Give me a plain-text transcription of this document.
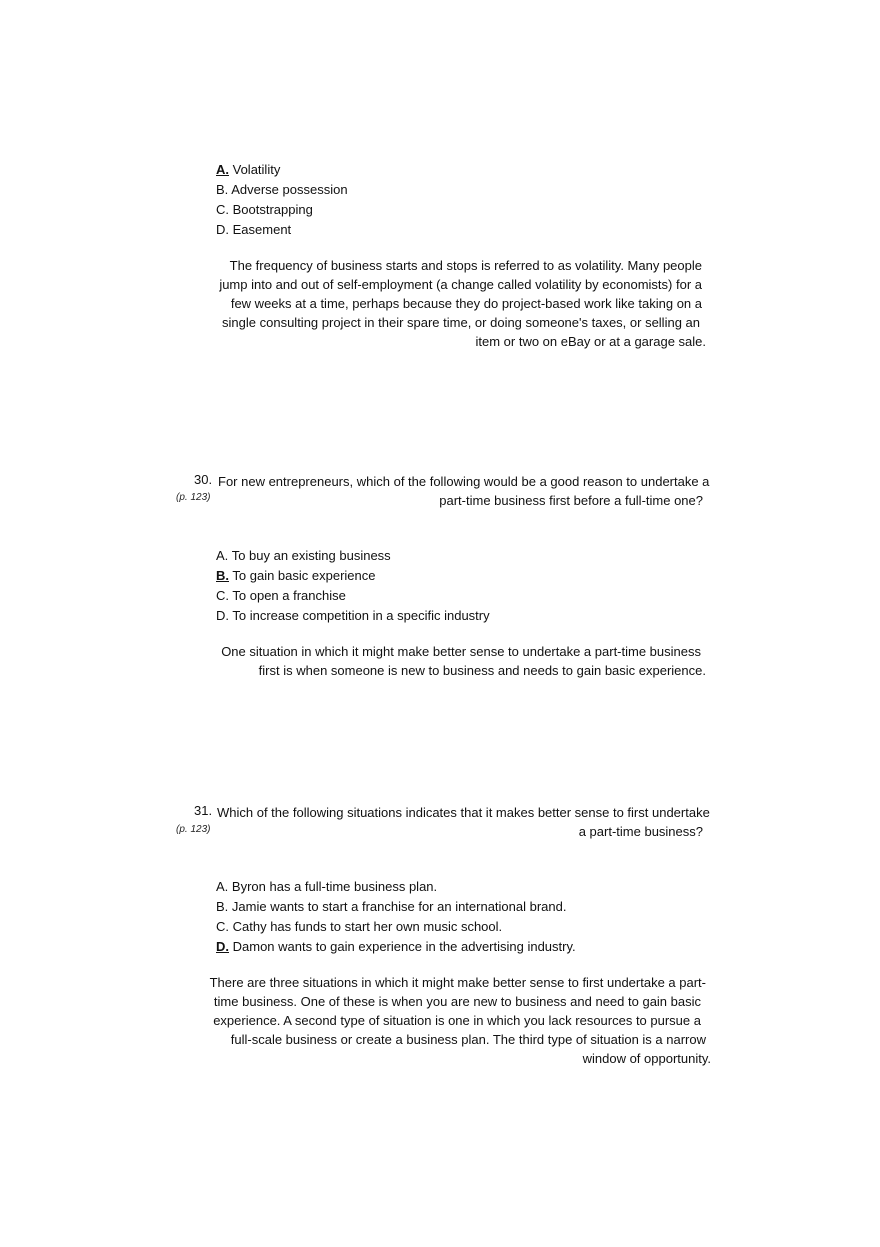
A. Volatility
B. Adverse possession
C. Bootstrapping
D. Easement
The frequency of business starts and stops is referred to as volatility. Many people
jump into and out of self-employment (a change called volatility by economists) for a
few weeks at a time, perhaps because they do project-based work like taking on a
single consulting project in their spare time, or doing someone's taxes, or selling an
item or two on eBay or at a garage sale.
30. For new entrepreneurs, which of the following would be a good reason to undertake a
part-time business first before a full-time one?
(p. 123)
A. To buy an existing business
B. To gain basic experience
C. To open a franchise
D. To increase competition in a specific industry
One situation in which it might make better sense to undertake a part-time business
first is when someone is new to business and needs to gain basic experience.
31. Which of the following situations indicates that it makes better sense to first undertake
a part-time business?
(p. 123)
A. Byron has a full-time business plan.
B. Jamie wants to start a franchise for an international brand.
C. Cathy has funds to start her own music school.
D. Damon wants to gain experience in the advertising industry.
There are three situations in which it might make better sense to first undertake a part-
time business. One of these is when you are new to business and need to gain basic
experience. A second type of situation is one in which you lack resources to pursue a
full-scale business or create a business plan. The third type of situation is a narrow
window of opportunity.
